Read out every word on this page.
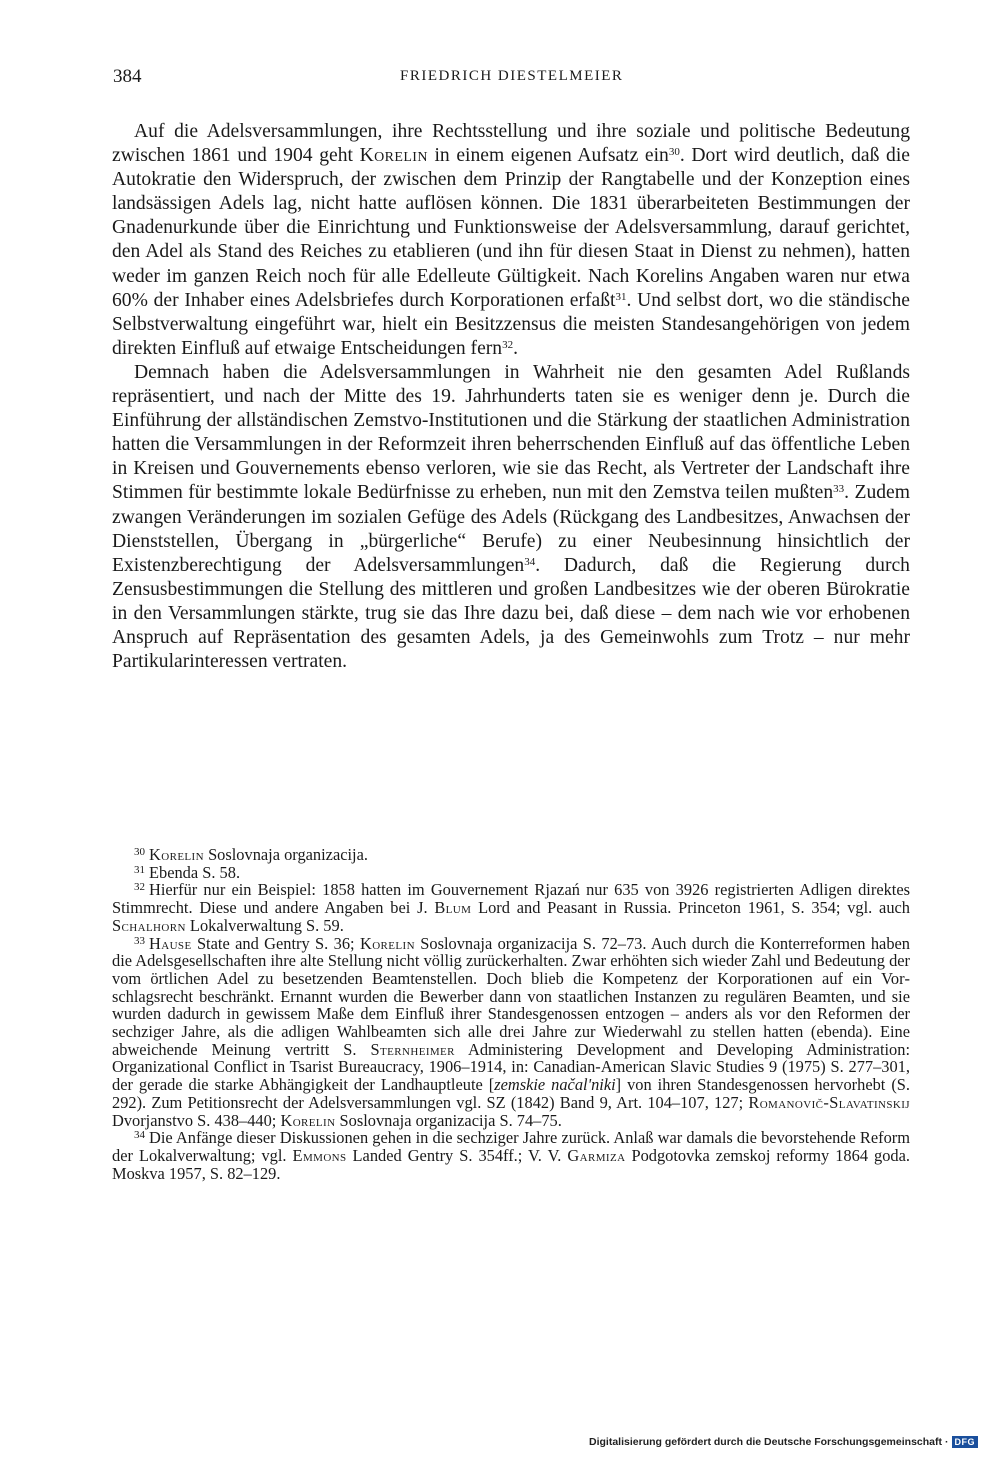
384	FRIEDRICH DIESTELMEIER

Auf die Adelsversammlungen, ihre Rechtsstellung und ihre soziale und politische Bedeutung zwischen 1861 und 1904 geht Korelin in einem eigenen Aufsatz ein$^{30}$. Dort wird deutlich, daß die Autokratie den Widerspruch, der zwischen dem Prinzip der Rangtabelle und der Konzeption eines landsässigen Adels lag, nicht hatte auflösen können. Die 1831 überarbeiteten Bestimmungen der Gnadenurkunde über die Einrichtung und Funktionsweise der Adelsversammlung, darauf gerichtet, den Adel als Stand des Reiches zu etablieren (und ihn für diesen Staat in Dienst zu nehmen), hatten weder im ganzen Reich noch für alle Edelleute Gültigkeit. Nach Korelins Angaben waren nur etwa 60% der Inhaber eines Adelsbriefes durch Korporationen erfaßt$^{31}$. Und selbst dort, wo die ständische Selbstverwaltung eingeführt war, hielt ein Besitzzensus die meisten Standesangehörigen von jedem direkten Einfluß auf etwaige Entscheidungen fern$^{32}$.

Demnach haben die Adelsversammlungen in Wahrheit nie den gesamten Adel Rußlands repräsentiert, und nach der Mitte des 19. Jahrhunderts taten sie es weniger denn je. Durch die Einführung der allständischen Zemstvo-Institutionen und die Stärkung der staatlichen Administration hatten die Versammlungen in der Reformzeit ihren beherrschenden Einfluß auf das öffentliche Leben in Kreisen und Gouvernements ebenso verloren, wie sie das Recht, als Vertreter der Landschaft ihre Stimmen für bestimmte lokale Bedürfnisse zu erheben, nun mit den Zemstva teilen mußten$^{33}$. Zudem zwangen Veränderungen im sozialen Gefüge des Adels (Rückgang des Landbesitzes, Anwachsen der Dienststellen, Übergang in „bürgerliche“ Berufe) zu einer Neubesinnung hinsichtlich der Existenzberechtigung der Adelsversammlungen$^{34}$. Dadurch, daß die Regierung durch Zensusbestimmungen die Stellung des mittleren und großen Landbesitzes wie der oberen Bürokratie in den Versammlungen stärkte, trug sie das Ihre dazu bei, daß diese – dem nach wie vor erhobenen Anspruch auf Repräsentation des gesamten Adels, ja des Gemeinwohls zum Trotz – nur mehr Partikularinteressen vertraten.

$^{30}$ Korelin Soslovnaja organizacija.

$^{31}$ Ebenda S. 58.

$^{32}$ Hierfür nur ein Beispiel: 1858 hatten im Gouvernement Rjazań nur 635 von 3926 registrierten Adligen direktes Stimmrecht. Diese und andere Angaben bei J. Blum Lord and Peasant in Russia. Princeton 1961, S. 354; vgl. auch Schalhorn Lokalverwaltung S. 59.

$^{33}$ Hause State and Gentry S. 36; Korelin Soslovnaja organizacija S. 72–73. Auch durch die Konterreformen haben die Adelsgesellschaften ihre alte Stellung nicht völlig zurückerhalten. Zwar erhöhten sich wieder Zahl und Bedeutung der vom örtlichen Adel zu besetzenden Beamtenstellen. Doch blieb die Kompetenz der Korporationen auf ein Vorschlagsrecht beschränkt. Ernannt wurden die Bewerber dann von staatlichen Instanzen zu regulären Beamten, und sie wurden dadurch in gewissem Maße dem Einfluß ihrer Standesgenossen entzogen – anders als vor den Reformen der sechziger Jahre, als die adligen Wahlbeamten sich alle drei Jahre zur Wiederwahl zu stellen hatten (ebenda). Eine abweichende Meinung vertritt S. Sternheimer Administering Development and Developing Administration: Organizational Conflict in Tsarist Bureaucracy, 1906–1914, in: Canadian-American Slavic Studies 9 (1975) S. 277–301, der gerade die starke Abhängigkeit der Landhauptleute [zemskie načal'niki] von ihren Standesgenossen hervorhebt (S. 292). Zum Petitionsrecht der Adelsversammlungen vgl. SZ (1842) Band 9, Art. 104–107, 127; Romanovič-Slavatinskij Dvorjanstvo S. 438–440; Korelin Soslovnaja organizacija S. 74–75.

$^{34}$ Die Anfänge dieser Diskussionen gehen in die sechziger Jahre zurück. Anlaß war damals die bevorstehende Reform der Lokalverwaltung; vgl. Emmons Landed Gentry S. 354ff.; V. V. Garmiza Podgotovka zemskoj reformy 1864 goda. Moskva 1957, S. 82–129.

Digitalisierung gefördert durch die Deutsche Forschungsgemeinschaft · DFG
